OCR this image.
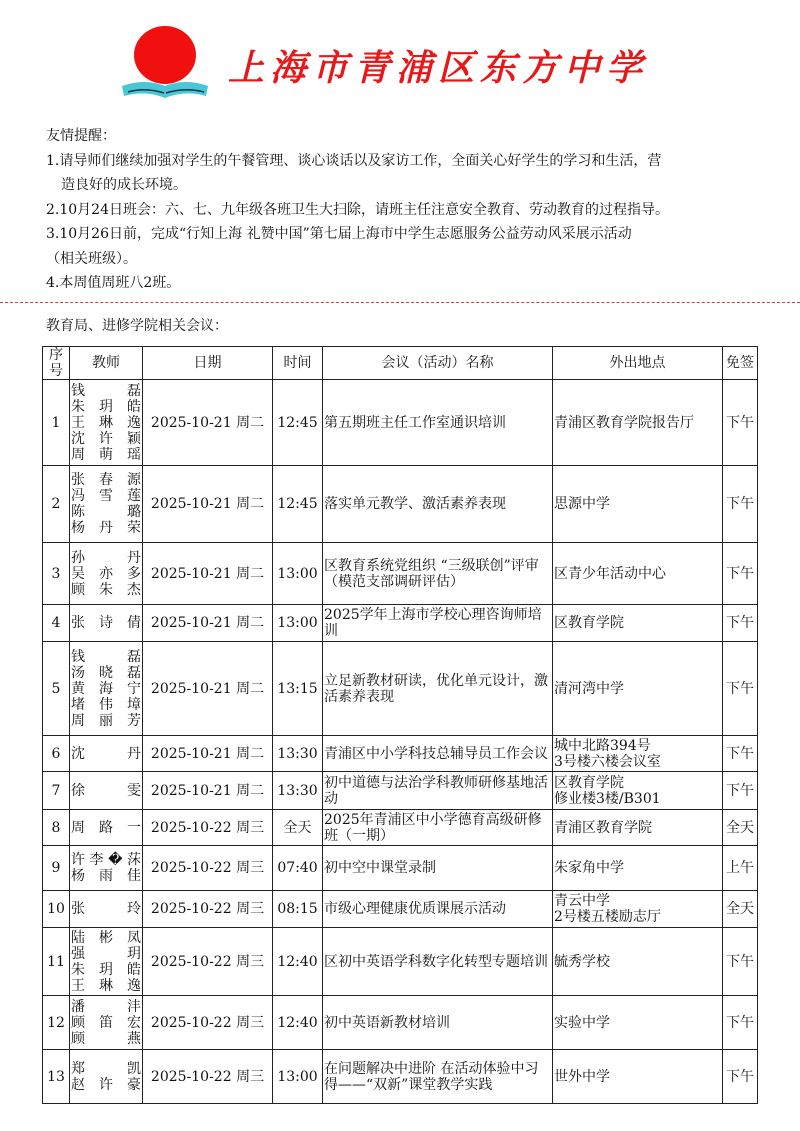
上海市青浦区东方中学

友情提醒：

1.请导师们继续加强对学生的午餐管理、谈心谈话以及家访工作，全面关心好学生的学习和生活，营

造良好的成长环境。

2.10月24日班会：六、七、九年级各班卫生大扫除，请班主任注意安全教育、劳动教育的过程指导。

3.10月26日前，完成“行知上海 礼赞中国”第七届上海市中学生志愿服务公益劳动风采展示活动

（相关班级）。

4.本周值周班八2班。

教育局、进修学院相关会议：
序号	教师	日期	时间	会议（活动）名称	外出地点	免签
1	钱　磊
朱玥皓
王琳逸
沈许颖
周萌瑶	2025-10-21 周二	12:45	第五期班主任工作室通识培训	青浦区教育学院报告厅	下午
2	张春源
冯雪莲
陈　璐
杨丹荣	2025-10-21 周二	12:45	落实单元教学、激活素养表现	思源中学	下午
3	孙　丹
吴亦多
顾朱杰	2025-10-21 周二	13:00	区教育系统党组织 “三级联创”评审（模范支部调研评估）	区青少年活动中心	下午
4	张诗倩	2025-10-21 周二	13:00	2025学年上海市学校心理咨询师培训	区教育学院	下午
5	钱　磊
汤晓磊
黄海宁
堵伟墇
周丽芳	2025-10-21 周二	13:15	立足新教材研读，优化单元设计，激活素养表现	清河湾中学	下午
6	沈　丹	2025-10-21 周二	13:30	青浦区中小学科技总辅导员工作会议	城中北路394号
3号楼六楼会议室	下午
7	徐　雯	2025-10-21 周二	13:30	初中道德与法治学科教师研修基地活动	区教育学院
修业楼3楼/B301	下午
8	周路一	2025-10-22 周三	全天	2025年青浦区中小学德育高级研修班（一期）	青浦区教育学院	全天
9	许李�莯
杨雨佳	2025-10-22 周三	07:40	初中空中课堂录制	朱家角中学	上午
10	张　玲	2025-10-22 周三	08:15	市级心理健康优质课展示活动	青云中学
2号楼五楼励志厅	全天
11	陆彬凤
强　玥
朱玥皓
王琳逸	2025-10-22 周三	12:40	区初中英语学科数字化转型专题培训	毓秀学校	下午
12	潘　沣
顾笛宏
顾　燕	2025-10-22 周三	12:40	初中英语新教材培训	实验中学	下午
13	郑　凯
赵许豪	2025-10-22 周三	13:00	在问题解决中进阶 在活动体验中习得——“双新”课堂教学实践	世外中学	下午
